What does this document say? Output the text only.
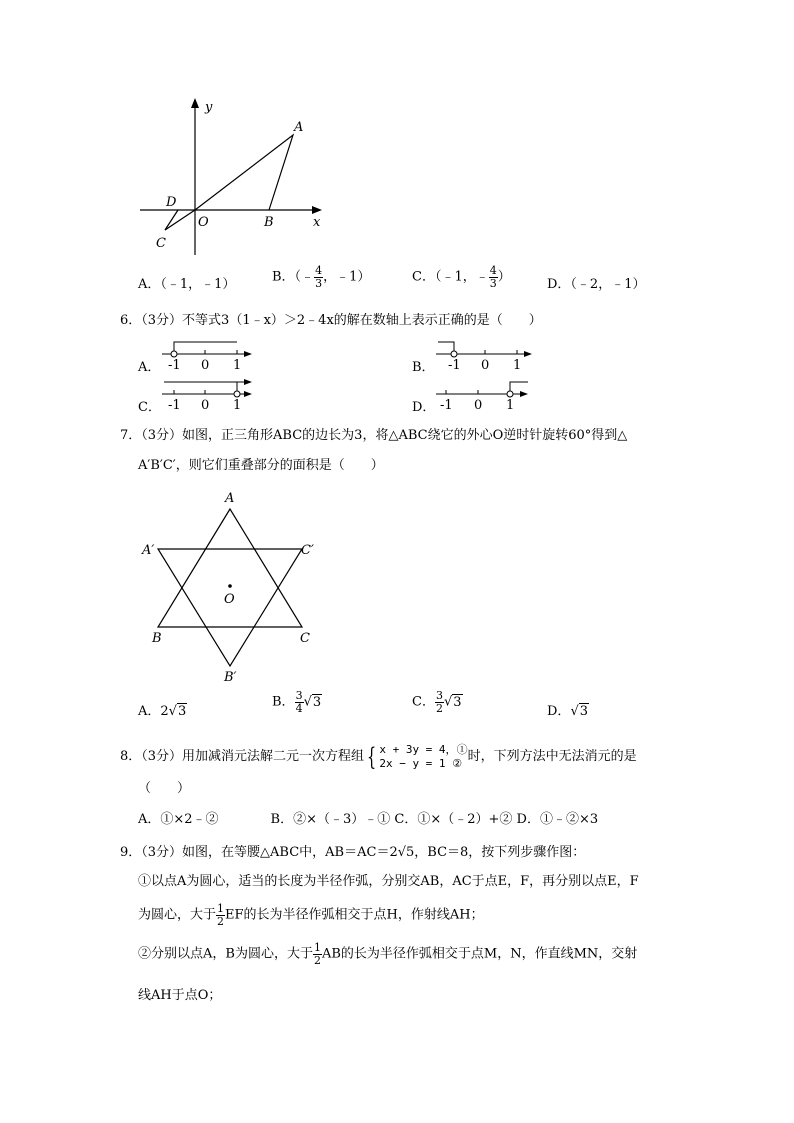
y
x
A
B
O
D
C
A．（﹣1，﹣1）	B．（﹣ $\frac{4}{3}$ ，﹣1）	C．（﹣1，﹣ $\frac{4}{3}$ ）	D．（﹣2，﹣1）
6．（3分）不等式3（1﹣x）＞2﹣4x的解在数轴上表示正确的是（　　）
A． -1 0 1	B． -1 0 1
C． -1 0 1	D． -1 0 1
7．（3分）如图，正三角形ABC的边长为3，将△ABC绕它的外心O逆时针旋转60°得到△
A′B′C′，则它们重叠部分的面积是（　　）
A
B	C
A′	C′
B′
O
A．2√3
B． $\frac{3}{4} √3$	C． $\frac{3}{2} √3$
D．√3
8．（3分）用加减消元法解二元一次方程组 { x + 3y = 4，①
2x − y = 1 ② 时，下列方法中无法消元的是
（　　）
A．①×2﹣②　　　　B．②×（﹣3）﹣① C．①×（﹣2）+② D．①﹣②×3
9．（3分）如图，在等腰△ABC中，AB＝AC＝2√5，BC＝8，按下列步骤作图：
①以点A为圆心，适当的长度为半径作弧，分别交AB，AC于点E，F，再分别以点E，F
为圆心，大于 $\frac{1}{2}$ EF的长为半径作弧相交于点H，作射线AH；
②分别以点A，B为圆心，大于 $\frac{1}{2}$ AB的长为半径作弧相交于点M，N，作直线MN，交射
线AH于点O；
